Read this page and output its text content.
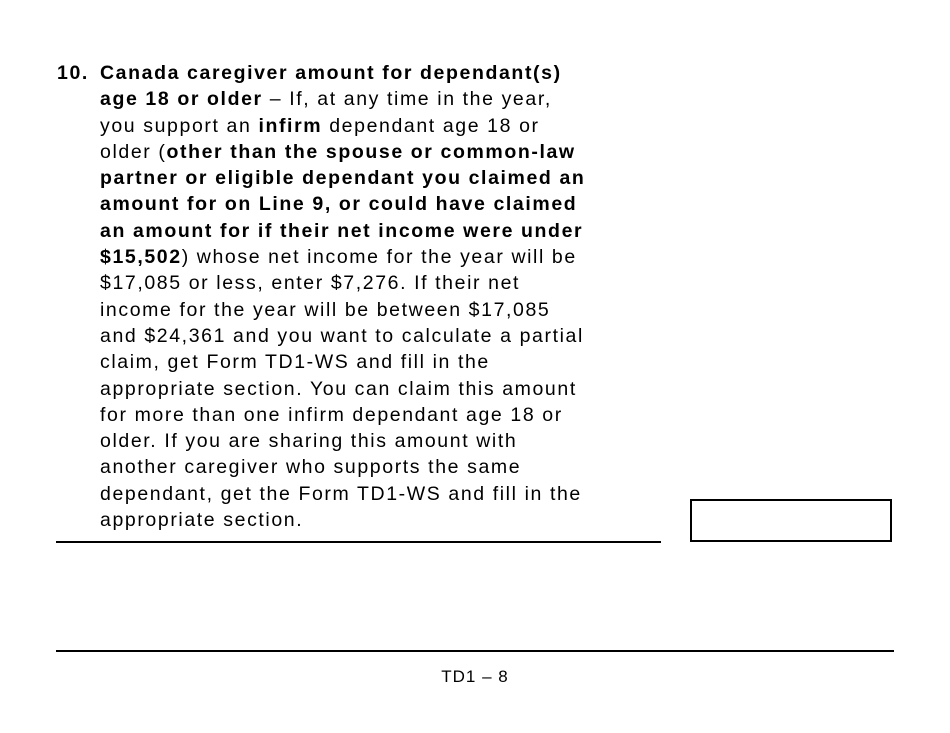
10. Canada caregiver amount for dependant(s)
age 18 or older – If, at any time in the year,
you support an infirm dependant age 18 or
older (other than the spouse or common-law
partner or eligible dependant you claimed an
amount for on Line 9, or could have claimed
an amount for if their net income were under
$15,502) whose net income for the year will be
$17,085 or less, enter $7,276. If their net
income for the year will be between $17,085
and $24,361 and you want to calculate a partial
claim, get Form TD1-WS and fill in the
appropriate section. You can claim this amount
for more than one infirm dependant age 18 or
older. If you are sharing this amount with
another caregiver who supports the same
dependant, get the Form TD1-WS and fill in the
appropriate section.
TD1 – 8
